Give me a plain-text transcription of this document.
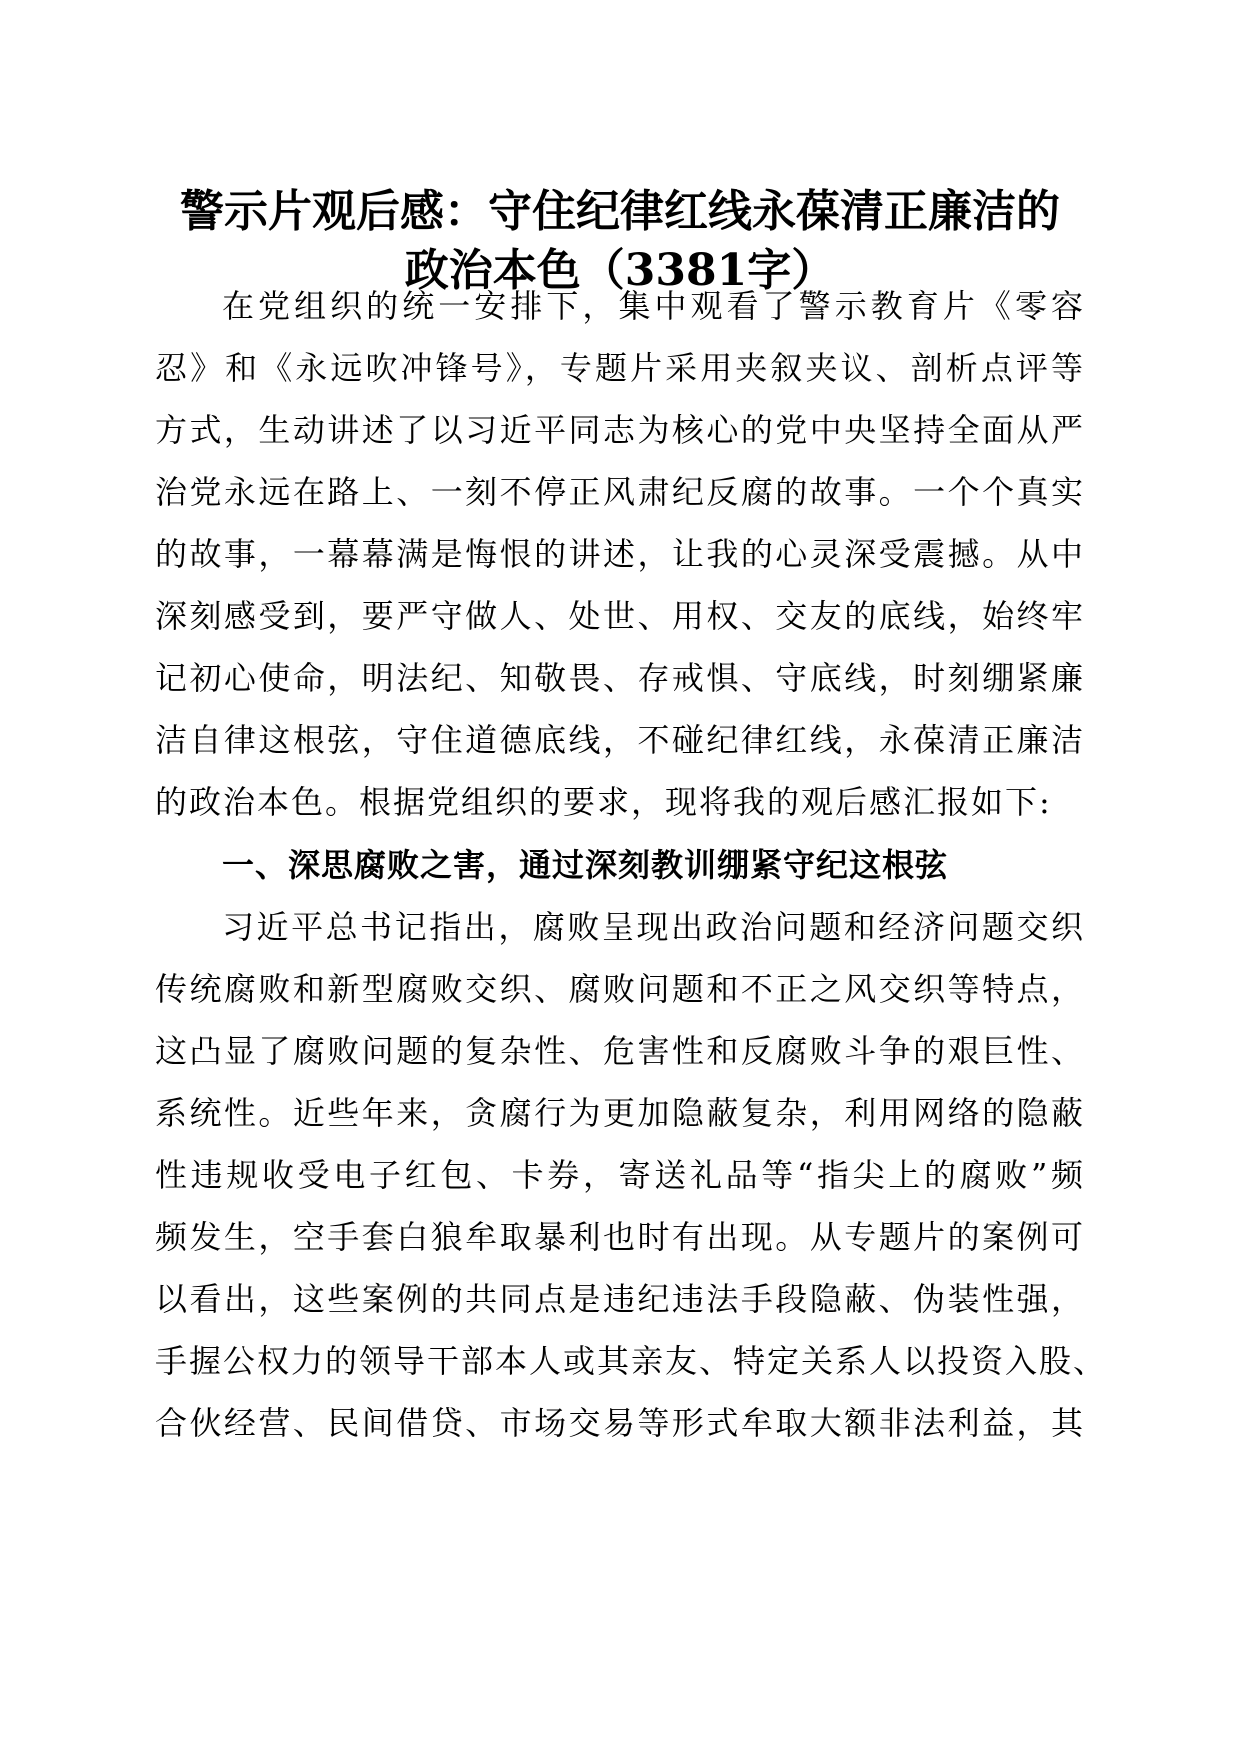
警示片观后感：守住纪律红线永葆清正廉洁的
政治本色（3381字）
在党组织的统一安排下，集中观看了警示教育片《零容
忍》和《永远吹冲锋号》，专题片采用夹叙夹议、剖析点评等
方式，生动讲述了以习近平同志为核心的党中央坚持全面从严
治党永远在路上、一刻不停正风肃纪反腐的故事。一个个真实
的故事，一幕幕满是悔恨的讲述，让我的心灵深受震撼。从中
深刻感受到，要严守做人、处世、用权、交友的底线，始终牢
记初心使命，明法纪、知敬畏、存戒惧、守底线，时刻绷紧廉
洁自律这根弦，守住道德底线，不碰纪律红线，永葆清正廉洁
的政治本色。根据党组织的要求，现将我的观后感汇报如下:
一、深思腐败之害，通过深刻教训绷紧守纪这根弦
习近平总书记指出，腐败呈现出政治问题和经济问题交织
传统腐败和新型腐败交织、腐败问题和不正之风交织等特点，
这凸显了腐败问题的复杂性、危害性和反腐败斗争的艰巨性、
系统性。近些年来，贪腐行为更加隐蔽复杂，利用网络的隐蔽
性违规收受电子红包、卡券，寄送礼品等“指尖上的腐败”频
频发生，空手套白狼牟取暴利也时有出现。从专题片的案例可
以看出，这些案例的共同点是违纪违法手段隐蔽、伪装性强，
手握公权力的领导干部本人或其亲友、特定关系人以投资入股、
合伙经营、民间借贷、市场交易等形式牟取大额非法利益，其
